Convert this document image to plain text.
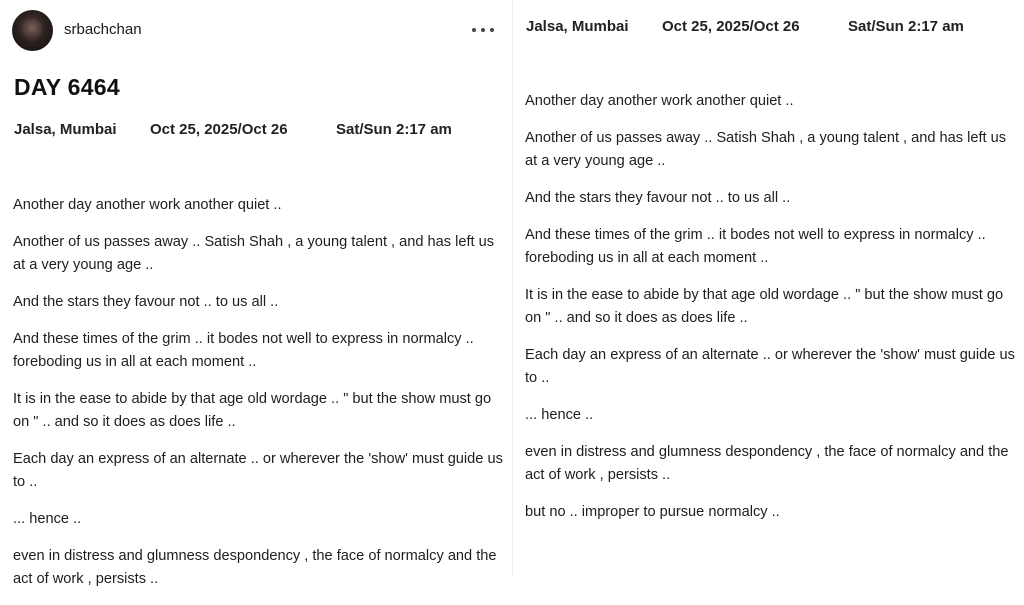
srbachchan
DAY 6464
Jalsa, Mumbai	Oct 25, 2025/Oct 26	Sat/Sun 2:17 am

Another day another work another quiet ..

Another of us passes away .. Satish Shah , a young talent , and has left us at a very young age ..

And the stars they favour not .. to us all ..

And these times of the grim .. it bodes not well to express in normalcy .. foreboding us in all at each moment ..

It is in the ease to abide by that age old wordage .. " but the show must go on " .. and so it does as does life ..

Each day an express of an alternate .. or wherever the 'show' must guide us to ..

... hence ..

even in distress and glumness despondency , the face of normalcy and the act of work , persists ..

Jalsa, Mumbai	Oct 25, 2025/Oct 26	Sat/Sun 2:17 am

Another day another work another quiet ..

Another of us passes away .. Satish Shah , a young talent , and has left us at a very young age ..

And the stars they favour not .. to us all ..

And these times of the grim .. it bodes not well to express in normalcy .. foreboding us in all at each moment ..

It is in the ease to abide by that age old wordage .. " but the show must go on " .. and so it does as does life ..

Each day an express of an alternate .. or wherever the 'show' must guide us to ..

... hence ..

even in distress and glumness despondency , the face of normalcy and the act of work , persists ..

but no .. improper to pursue normalcy ..
